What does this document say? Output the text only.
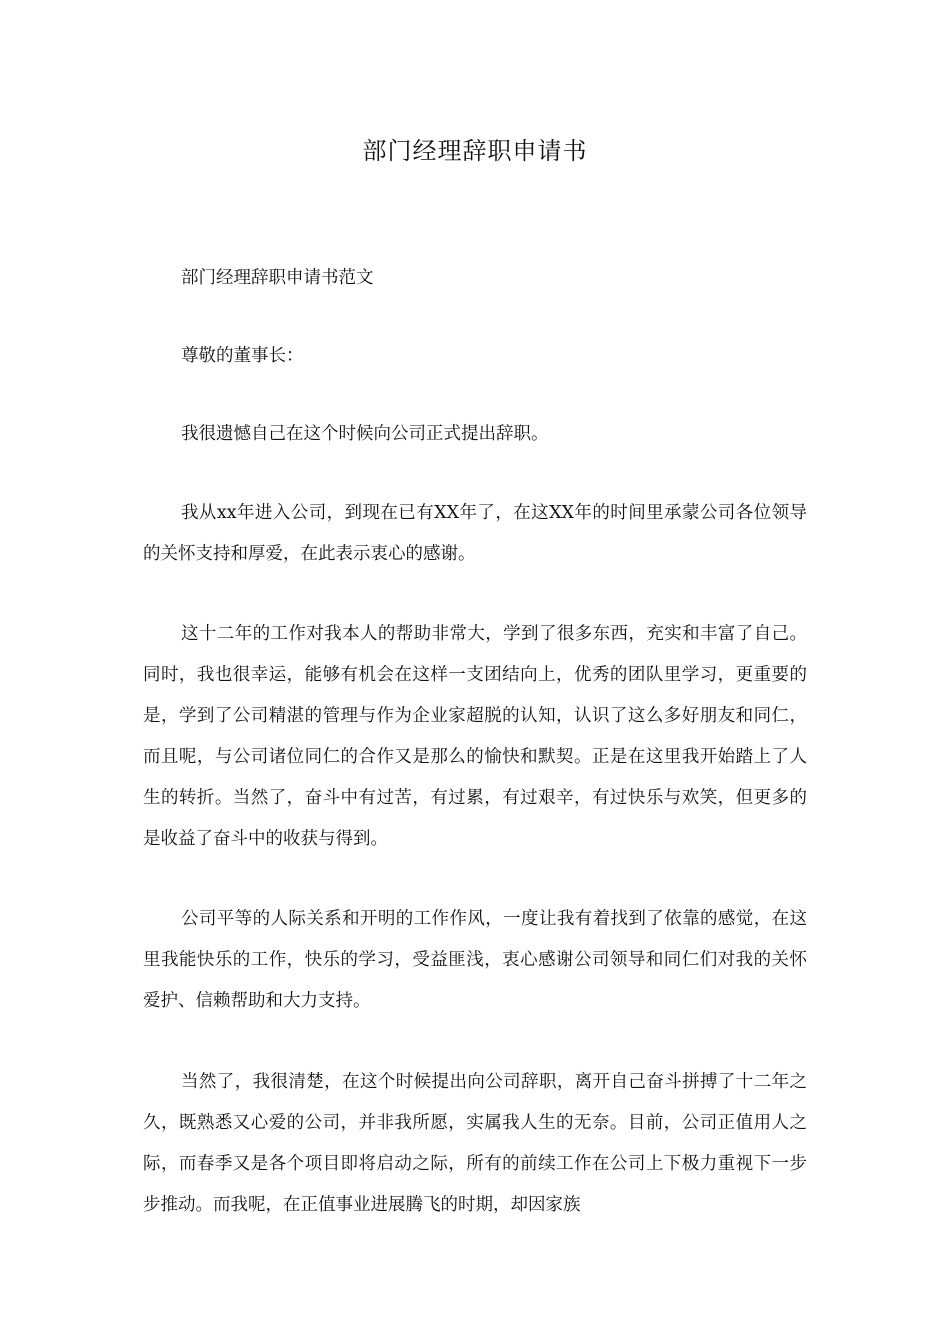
部门经理辞职申请书

部门经理辞职申请书范文

尊敬的董事长：

我很遗憾自己在这个时候向公司正式提出辞职。

我从xx年进入公司，到现在已有XX年了，在这XX年的时间里承蒙公司各位领导的关怀支持和厚爱，在此表示衷心的感谢。

这十二年的工作对我本人的帮助非常大，学到了很多东西，充实和丰富了自己。同时，我也很幸运，能够有机会在这样一支团结向上，优秀的团队里学习，更重要的是，学到了公司精湛的管理与作为企业家超脱的认知，认识了这么多好朋友和同仁，而且呢，与公司诸位同仁的合作又是那么的愉快和默契。正是在这里我开始踏上了人生的转折。当然了，奋斗中有过苦，有过累，有过艰辛，有过快乐与欢笑，但更多的是收益了奋斗中的收获与得到。

公司平等的人际关系和开明的工作作风，一度让我有着找到了依靠的感觉，在这里我能快乐的工作，快乐的学习，受益匪浅，衷心感谢公司领导和同仁们对我的关怀爱护、信赖帮助和大力支持。

当然了，我很清楚，在这个时候提出向公司辞职，离开自己奋斗拼搏了十二年之久，既熟悉又心爱的公司，并非我所愿，实属我人生的无奈。目前，公司正值用人之际，而春季又是各个项目即将启动之际，所有的前续工作在公司上下极力重视下一步步推动。而我呢，在正值事业进展腾飞的时期，却因家族
